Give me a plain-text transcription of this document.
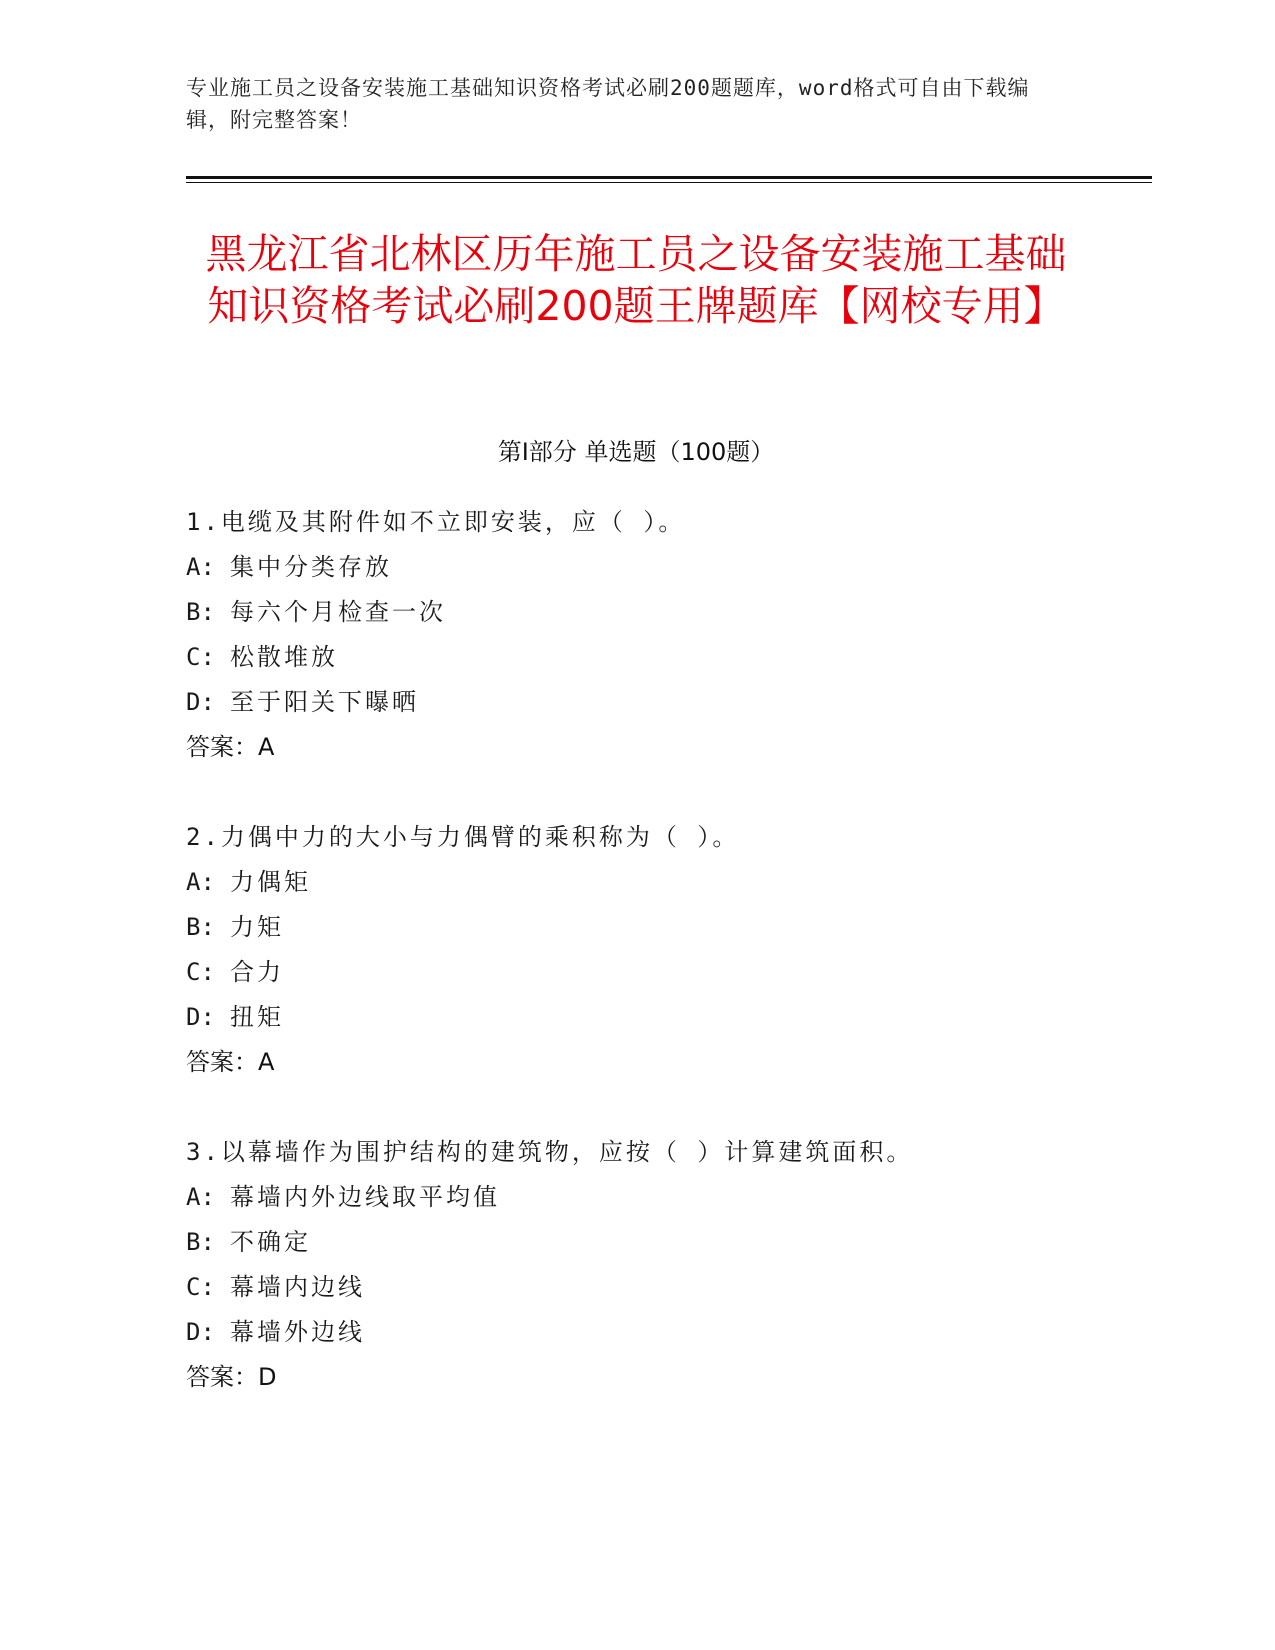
专业施工员之设备安装施工基础知识资格考试必刷200题题库，word格式可自由下载编辑，附完整答案！
黑龙江省北林区历年施工员之设备安装施工基础知识资格考试必刷200题王牌题库【网校专用】
第Ⅰ部分 单选题（100题）
1.电缆及其附件如不立即安装，应（ ）。
A: 集中分类存放
B: 每六个月检查一次
C: 松散堆放
D: 至于阳关下曝晒
答案：A
2.力偶中力的大小与力偶臂的乘积称为（ ）。
A: 力偶矩
B: 力矩
C: 合力
D: 扭矩
答案：A
3.以幕墙作为围护结构的建筑物，应按（ ）计算建筑面积。
A: 幕墙内外边线取平均值
B: 不确定
C: 幕墙内边线
D: 幕墙外边线
答案：D
